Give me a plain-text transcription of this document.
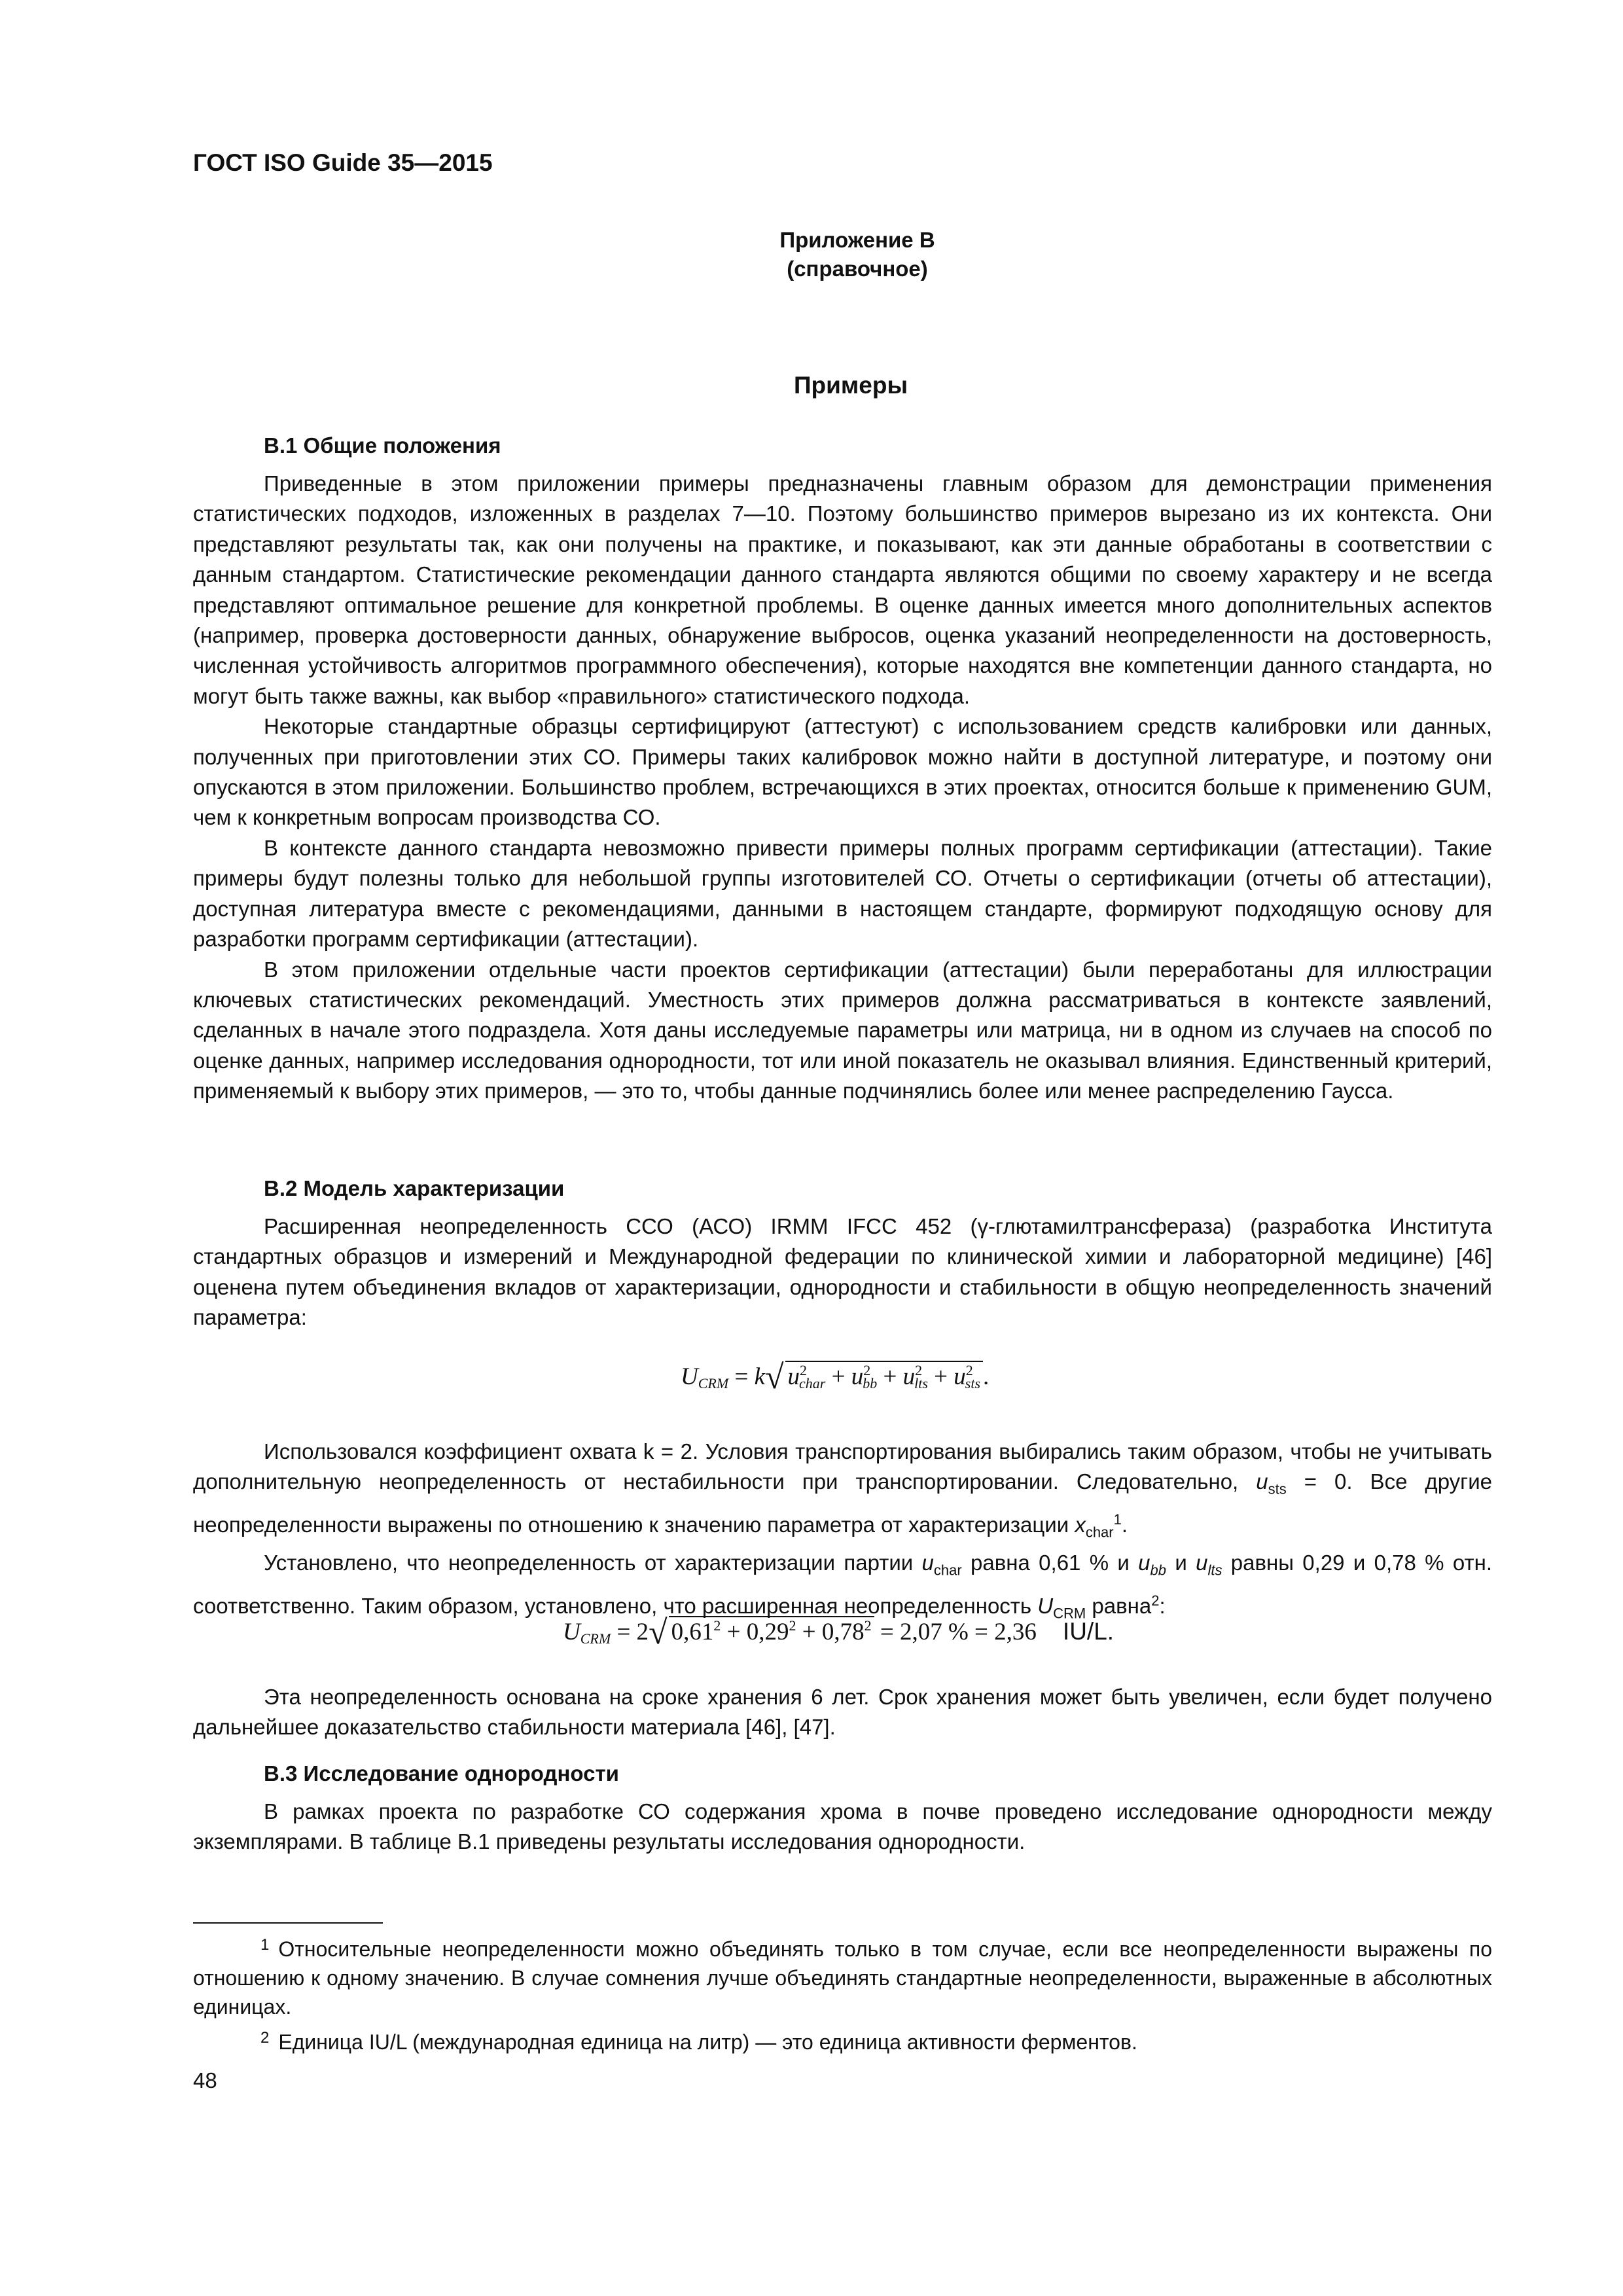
ГОСТ ISO Guide 35—2015
Приложение B
(справочное)
Примеры
B.1 Общие положения

Приведенные в этом приложении примеры предназначены главным образом для демонстрации применения статистических подходов, изложенных в разделах 7—10. Поэтому большинство примеров вырезано из их контекста. Они представляют результаты так, как они получены на практике, и показывают, как эти данные обработаны в соответствии с данным стандартом. Статистические рекомендации данного стандарта являются общими по своему характеру и не всегда представляют оптимальное решение для конкретной проблемы. В оценке данных имеется много дополнительных аспектов (например, проверка достоверности данных, обнаружение выбросов, оценка указаний неопределенности на достоверность, численная устойчивость алгоритмов программного обеспечения), которые находятся вне компетенции данного стандарта, но могут быть также важны, как выбор «правильного» статистического подхода.

Некоторые стандартные образцы сертифицируют (аттестуют) с использованием средств калибровки или данных, полученных при приготовлении этих СО. Примеры таких калибровок можно найти в доступной литературе, и поэтому они опускаются в этом приложении. Большинство проблем, встречающихся в этих проектах, относится больше к применению GUM, чем к конкретным вопросам производства СО.

В контексте данного стандарта невозможно привести примеры полных программ сертификации (аттестации). Такие примеры будут полезны только для небольшой группы изготовителей СО. Отчеты о сертификации (отчеты об аттестации), доступная литература вместе с рекомендациями, данными в настоящем стандарте, формируют подходящую основу для разработки программ сертификации (аттестации).

В этом приложении отдельные части проектов сертификации (аттестации) были переработаны для иллюстрации ключевых статистических рекомендаций. Уместность этих примеров должна рассматриваться в контексте заявлений, сделанных в начале этого подраздела. Хотя даны исследуемые параметры или матрица, ни в одном из случаев на способ по оценке данных, например исследования однородности, тот или иной показатель не оказывал влияния. Единственный критерий, применяемый к выбору этих примеров, — это то, чтобы данные подчинялись более или менее распределению Гаусса.

B.2 Модель характеризации

Расширенная неопределенность ССО (АСО) IRMM IFCC 452 (γ-глютамилтрансфераза) (разработка Института стандартных образцов и измерений и Международной федерации по клинической химии и лабораторной медицине) [46] оценена путем объединения вкладов от характеризации, однородности и стабильности в общую неопределенность значений параметра:

$U_{CRM} = k√$ $u^2_{char} + u^2_{bb} + u^2_{lts} + u^2_{sts}$ .

Использовался коэффициент охвата k = 2. Условия транспортирования выбирались таким образом, чтобы не учитывать дополнительную неопределенность от нестабильности при транспортировании. Следовательно, $u_{sts} = 0$. Все другие неопределенности выражены по отношению к значению параметра от характеризации $x_{char}^1$.

Установлено, что неопределенность от характеризации партии $u_{char}$ равна 0,61 % и $u_{bb}$ и $u_{lts}$ равны 0,29 и 0,78 % отн. соответственно. Таким образом, установлено, что расширенная неопределенность $U_{CRM}$ равна$^2$:

$U_{CRM} = 2√$ $0,61^2 + 0,29^2 + 0,78^2 = 2,07$ % = 2,36 IU/L.

Эта неопределенность основана на сроке хранения 6 лет. Срок хранения может быть увеличен, если будет получено дальнейшее доказательство стабильности материала [46], [47].

B.3 Исследование однородности

В рамках проекта по разработке СО содержания хрома в почве проведено исследование однородности между экземплярами. В таблице B.1 приведены результаты исследования однородности.

$^1$ Относительные неопределенности можно объединять только в том случае, если все неопределенности выражены по отношению к одному значению. В случае сомнения лучше объединять стандартные неопределенности, выраженные в абсолютных единицах.

$^2$ Единица IU/L (международная единица на литр) — это единица активности ферментов.

48
